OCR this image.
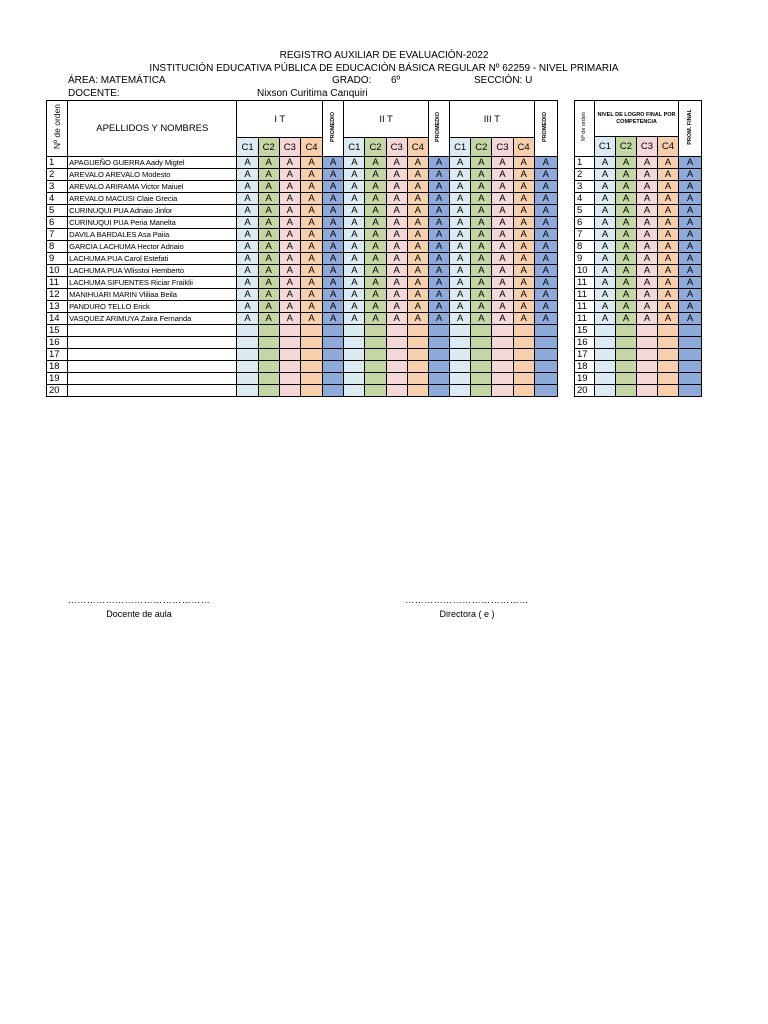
REGISTRO AUXILIAR DE EVALUACIÓN-2022
INSTITUCIÓN EDUCATIVA PÚBLICA DE EDUCACIÓN BÁSICA REGULAR Nº 62259 - NIVEL PRIMARIA
ÁREA: MATEMÁTICA	GRADO: 6º	SECCIÓN: U
DOCENTE:	Nixson Curitima Canquiri
Nº de orden	APELLIDOS Y NOMBRES	I T				PROMEDIO	II T				PROMEDIO	III T				PROMEDIO
		C1	C2	C3	C4		C1	C2	C3	C4		C1	C2	C3	C4	
1	APAGUEÑO GUERRA Aady Migtel	A	A	A	A	A	A	A	A	A	A	A	A	A	A	A
2	AREVALO AREVALO Modesto	A	A	A	A	A	A	A	A	A	A	A	A	A	A	A
3	AREVALO ARIRAMA Victor Maiuel	A	A	A	A	A	A	A	A	A	A	A	A	A	A	A
4	AREVALO MACUSI Claie Grecia	A	A	A	A	A	A	A	A	A	A	A	A	A	A	A
5	CURINUQUI PUA Adriaio Jinlor	A	A	A	A	A	A	A	A	A	A	A	A	A	A	A
6	CURINUQUI PUA Peria Manelta	A	A	A	A	A	A	A	A	A	A	A	A	A	A	A
7	DAVILA BARDALES Asa Paiia	A	A	A	A	A	A	A	A	A	A	A	A	A	A	A
8	GARCIA LACHUMA Hector Adriaio	A	A	A	A	A	A	A	A	A	A	A	A	A	A	A
9	LACHUMA PUA Carol Estefati	A	A	A	A	A	A	A	A	A	A	A	A	A	A	A
10	LACHUMA PUA Wlisstoi Hemberto	A	A	A	A	A	A	A	A	A	A	A	A	A	A	A
11	LACHUMA SIFUENTES Riciar Fraiklii	A	A	A	A	A	A	A	A	A	A	A	A	A	A	A
12	MANIHUARI MARIN Vliliaa Beila	A	A	A	A	A	A	A	A	A	A	A	A	A	A	A
13	PANDURO TELLO Erick	A	A	A	A	A	A	A	A	A	A	A	A	A	A	A
14	VASQUEZ ARIMUYA Zaira Fernanda	A	A	A	A	A	A	A	A	A	A	A	A	A	A	A
15																
16																
17																
18																
19																
20																
Nº de orden	NIVEL DE LOGRO FINAL POR COMPETENCIA				PROM. FINAL
	C1	C2	C3	C4	
1	A	A	A	A	A
2	A	A	A	A	A
3	A	A	A	A	A
4	A	A	A	A	A
5	A	A	A	A	A
6	A	A	A	A	A
7	A	A	A	A	A
8	A	A	A	A	A
9	A	A	A	A	A
10	A	A	A	A	A
11	A	A	A	A	A
11	A	A	A	A	A
11	A	A	A	A	A
11	A	A	A	A	A
15					
16					
17					
18					
19					
20					
………………………………………
Docente de aula
…………………………………
Directora ( e )
